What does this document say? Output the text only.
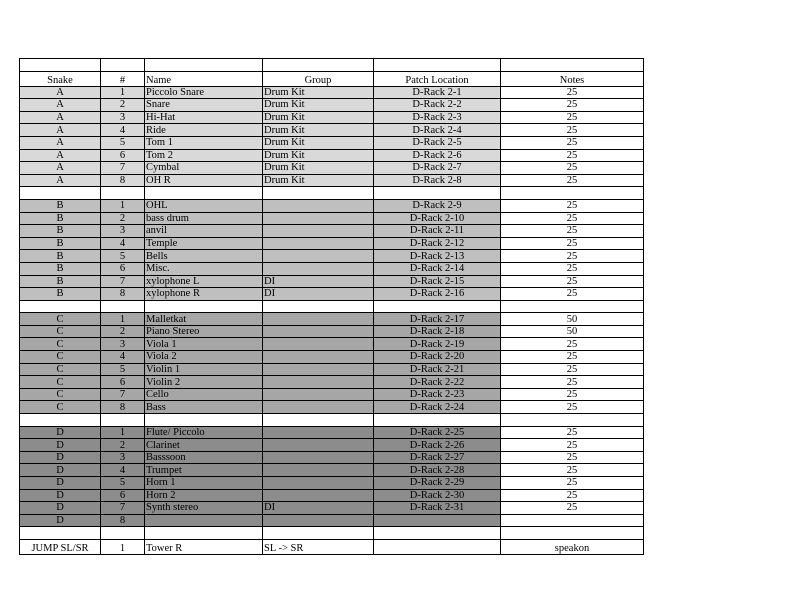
Snake	#	Name	Group	Patch Location	Notes
A	1	Piccolo Snare	Drum Kit	D-Rack 2-1	25
A	2	Snare	Drum Kit	D-Rack 2-2	25
A	3	Hi-Hat	Drum Kit	D-Rack 2-3	25
A	4	Ride	Drum Kit	D-Rack 2-4	25
A	5	Tom 1	Drum Kit	D-Rack 2-5	25
A	6	Tom 2	Drum Kit	D-Rack 2-6	25
A	7	Cymbal	Drum Kit	D-Rack 2-7	25
A	8	OH R	Drum Kit	D-Rack 2-8	25

B	1	OHL		D-Rack 2-9	25
B	2	bass drum		D-Rack 2-10	25
B	3	anvil		D-Rack 2-11	25
B	4	Temple		D-Rack 2-12	25
B	5	Bells		D-Rack 2-13	25
B	6	Misc.		D-Rack 2-14	25
B	7	xylophone L	DI	D-Rack 2-15	25
B	8	xylophone R	DI	D-Rack 2-16	25

C	1	Malletkat		D-Rack 2-17	50
C	2	Piano Stereo		D-Rack 2-18	50
C	3	Viola 1		D-Rack 2-19	25
C	4	Viola 2		D-Rack 2-20	25
C	5	Violin 1		D-Rack 2-21	25
C	6	Violin 2		D-Rack 2-22	25
C	7	Cello		D-Rack 2-23	25
C	8	Bass		D-Rack 2-24	25

D	1	Flute/ Piccolo		D-Rack 2-25	25
D	2	Clarinet		D-Rack 2-26	25
D	3	Basssoon		D-Rack 2-27	25
D	4	Trumpet		D-Rack 2-28	25
D	5	Horn 1		D-Rack 2-29	25
D	6	Horn 2		D-Rack 2-30	25
D	7	Synth stereo	DI	D-Rack 2-31	25
D	8				

JUMP SL/SR	1	Tower R	SL -> SR		speakon
